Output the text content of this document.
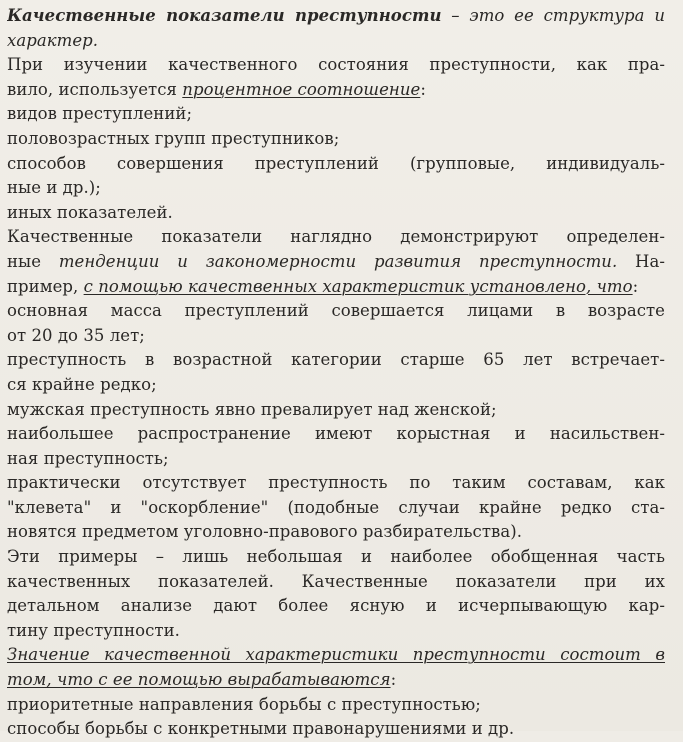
Качественные показатели преступности – это ее структура и
характер.
При изучении качественного состояния преступности, как пра-
вило, используется процентное соотношение:
видов преступлений;
половозрастных групп преступников;
способов совершения преступлений (групповые, индивидуаль-
ные и др.);
иных показателей.
Качественные показатели наглядно демонстрируют определен-
ные тенденции и закономерности развития преступности. На-
пример, с помощью качественных характеристик установлено, что:
основная масса преступлений совершается лицами в возрасте
от 20 до 35 лет;
преступность в возрастной категории старше 65 лет встречает-
ся крайне редко;
мужская преступность явно превалирует над женской;
наибольшее распространение имеют корыстная и насильствен-
ная преступность;
практически отсутствует преступность по таким составам, как
"клевета" и "оскорбление" (подобные случаи крайне редко ста-
новятся предметом уголовно-правового разбирательства).
Эти примеры – лишь небольшая и наиболее обобщенная часть
качественных показателей. Качественные показатели при их
детальном анализе дают более ясную и исчерпывающую кар-
тину преступности.
Значение качественной характеристики преступности состоит в
том, что с ее помощью вырабатываются:
приоритетные направления борьбы с преступностью;
способы борьбы с конкретными правонарушениями и др.
